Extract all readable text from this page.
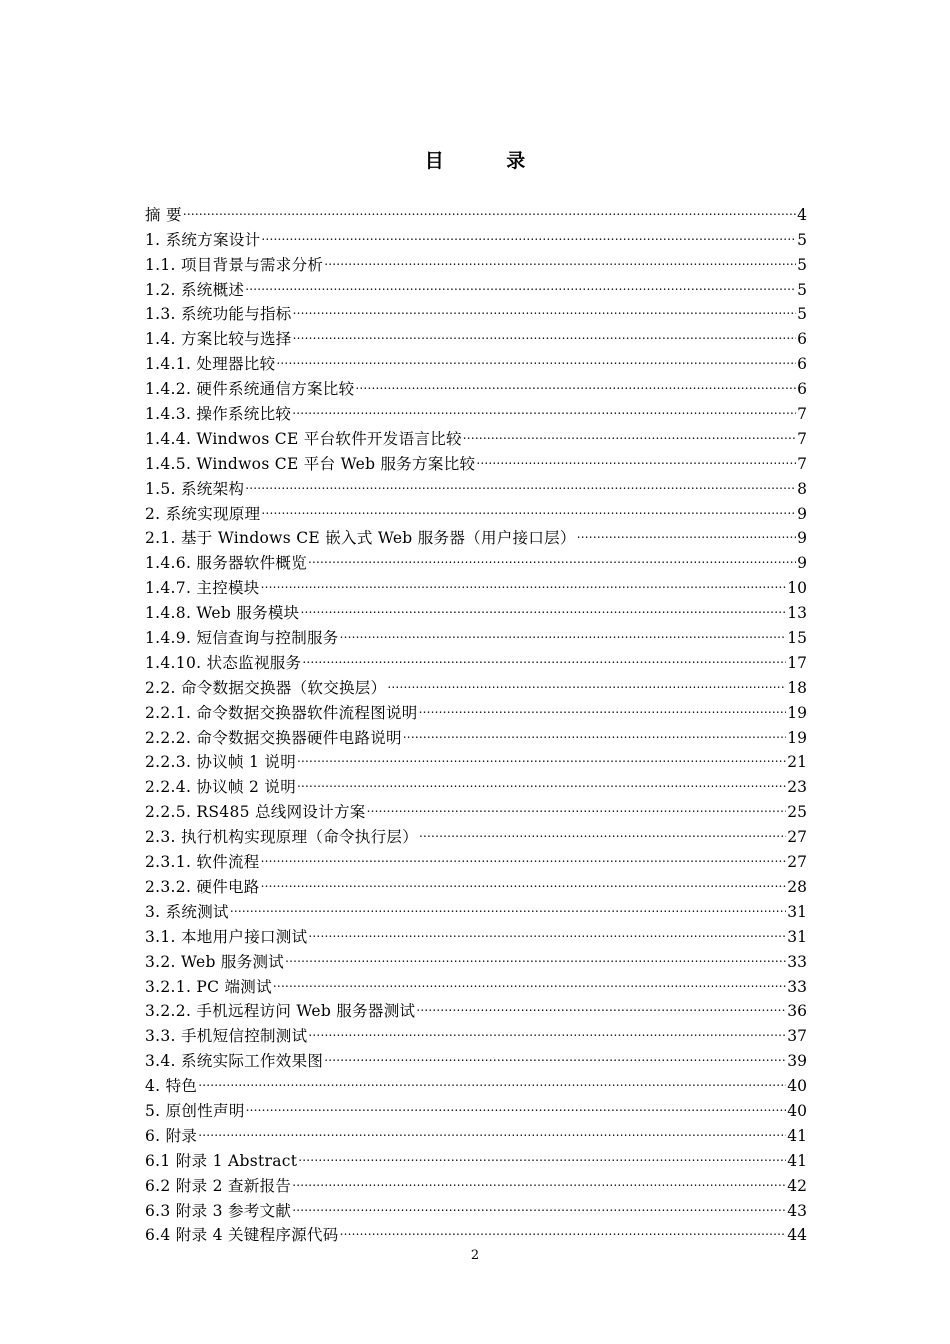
目 录
摘 要 .....	4
1. 系统方案设计 .....	5
1.1. 项目背景与需求分析 .....	5
1.2. 系统概述 .....	5
1.3. 系统功能与指标 .....	5
1.4. 方案比较与选择 .....	6
1.4.1. 处理器比较 .....	6
1.4.2. 硬件系统通信方案比较 .....	6
1.4.3. 操作系统比较 .....	7
1.4.4. Windwos CE 平台软件开发语言比较 .....	7
1.4.5. Windwos CE 平台 Web 服务方案比较 .....	7
1.5. 系统架构 .....	8
2. 系统实现原理 .....	9
2.1. 基于 Windows CE 嵌入式 Web 服务器（用户接口层） .....	9
1.4.6. 服务器软件概览 .....	9
1.4.7. 主控模块 .....	10
1.4.8. Web 服务模块 .....	13
1.4.9. 短信查询与控制服务 .....	15
1.4.10. 状态监视服务 .....	17
2.2. 命令数据交换器（软交换层） .....	18
2.2.1. 命令数据交换器软件流程图说明 .....	19
2.2.2. 命令数据交换器硬件电路说明 .....	19
2.2.3. 协议帧 1 说明 .....	21
2.2.4. 协议帧 2 说明 .....	23
2.2.5. RS485 总线网设计方案 .....	25
2.3. 执行机构实现原理（命令执行层） .....	27
2.3.1. 软件流程 .....	27
2.3.2. 硬件电路 .....	28
3. 系统测试 .....	31
3.1. 本地用户接口测试 .....	31
3.2. Web 服务测试 .....	33
3.2.1. PC 端测试 .....	33
3.2.2. 手机远程访问 Web 服务器测试 .....	36
3.3. 手机短信控制测试 .....	37
3.4. 系统实际工作效果图 .....	39
4. 特色 .....	40
5. 原创性声明 .....	40
6. 附录 .....	41
6.1 附录 1 Abstract .....	41
6.2 附录 2 查新报告 .....	42
6.3 附录 3 参考文献 .....	43
6.4 附录 4 关键程序源代码 .....	44
2
